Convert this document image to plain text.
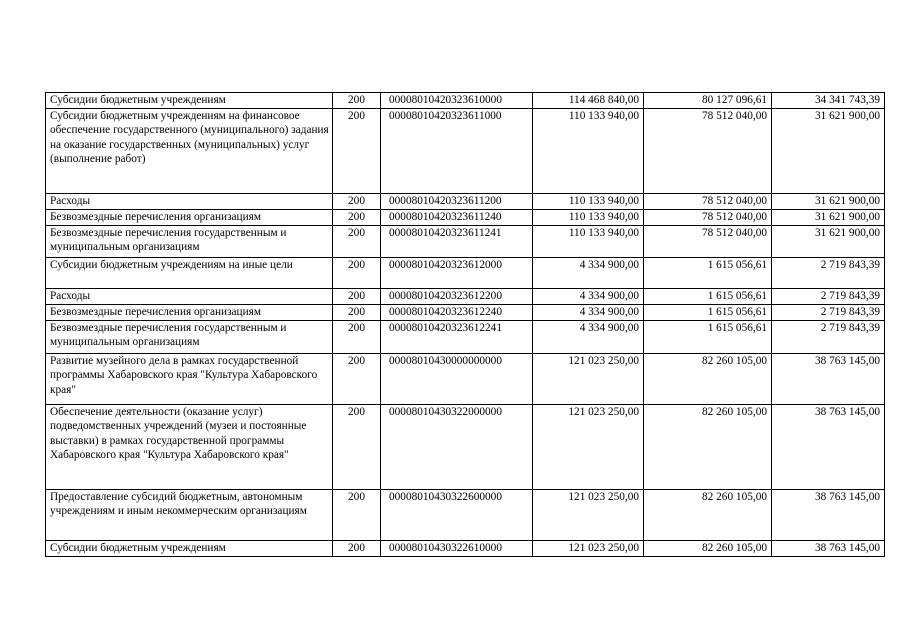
Субсидии бюджетным учреждениям	200	00008010420323610000	114 468 840,00	80 127 096,61	34 341 743,39
Субсидии бюджетным учреждениям на финансовое обеспечение государственного (муниципального) задания на оказание государственных (муниципальных) услуг (выполнение работ)	200	00008010420323611000	110 133 940,00	78 512 040,00	31 621 900,00
Расходы	200	00008010420323611200	110 133 940,00	78 512 040,00	31 621 900,00
Безвозмездные перечисления организациям	200	00008010420323611240	110 133 940,00	78 512 040,00	31 621 900,00
Безвозмездные перечисления государственным и муниципальным организациям	200	00008010420323611241	110 133 940,00	78 512 040,00	31 621 900,00
Субсидии бюджетным учреждениям на иные цели	200	00008010420323612000	4 334 900,00	1 615 056,61	2 719 843,39
Расходы	200	00008010420323612200	4 334 900,00	1 615 056,61	2 719 843,39
Безвозмездные перечисления организациям	200	00008010420323612240	4 334 900,00	1 615 056,61	2 719 843,39
Безвозмездные перечисления государственным и муниципальным организациям	200	00008010420323612241	4 334 900,00	1 615 056,61	2 719 843,39
Развитие музейного дела в рамках государственной программы Хабаровского края "Культура Хабаровского края"	200	00008010430000000000	121 023 250,00	82 260 105,00	38 763 145,00
Обеспечение деятельности (оказание услуг) подведомственных учреждений (музеи и постоянные выставки) в рамках государственной программы Хабаровского края "Культура Хабаровского края"	200	00008010430322000000	121 023 250,00	82 260 105,00	38 763 145,00
Предоставление субсидий бюджетным, автономным учреждениям и иным некоммерческим организациям	200	00008010430322600000	121 023 250,00	82 260 105,00	38 763 145,00
Субсидии бюджетным учреждениям	200	00008010430322610000	121 023 250,00	82 260 105,00	38 763 145,00
